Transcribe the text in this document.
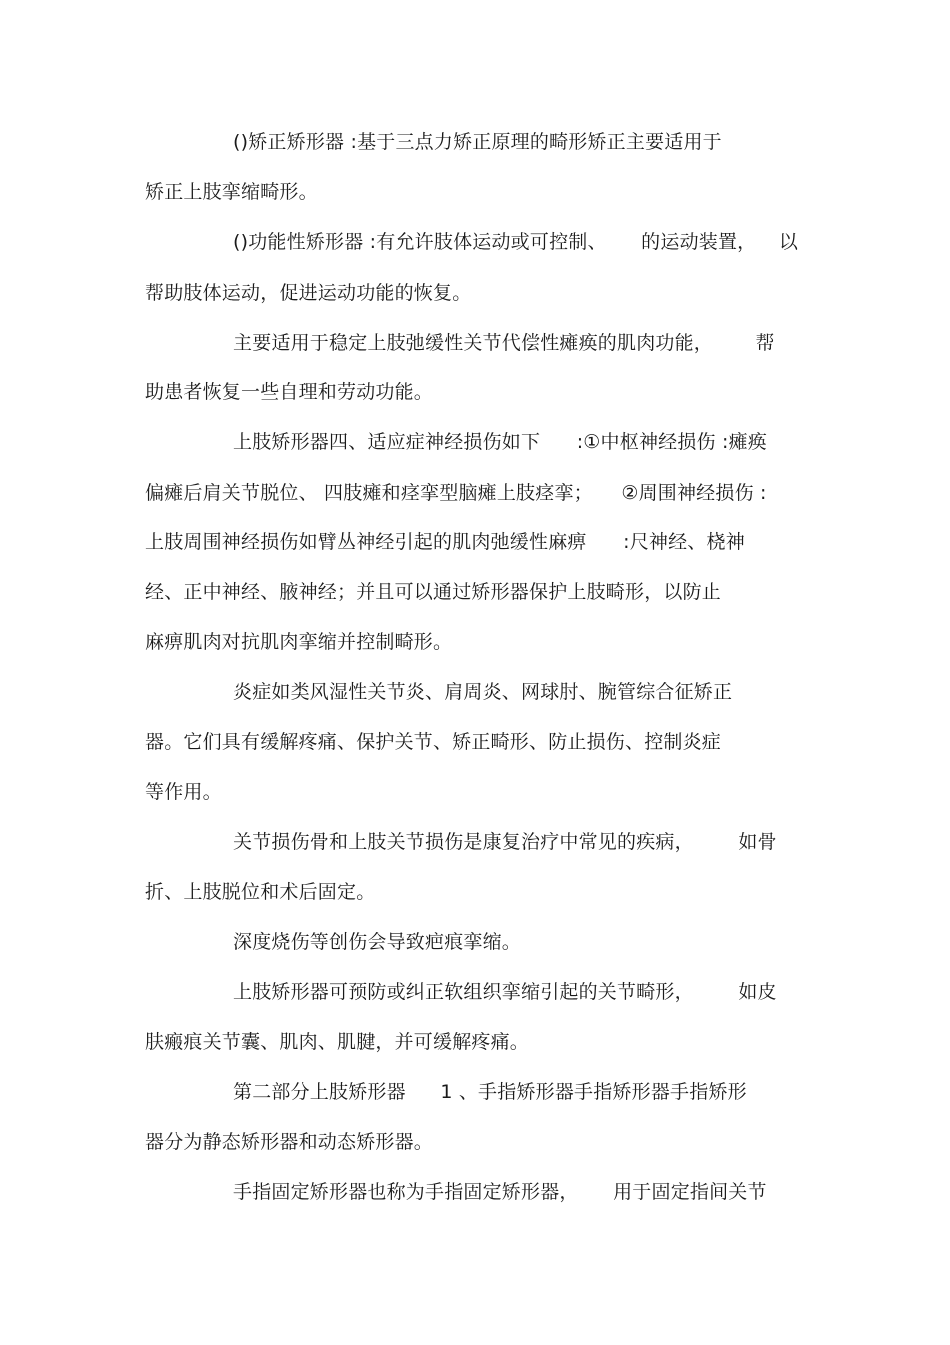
()矫正矫形器 :基于三点力矫正原理的畸形矫正主要适用于
矫正上肢挛缩畸形。
()功能性矫形器 :有允许肢体运动或可控制、 的运动装置， 以
帮助肢体运动，促进运动功能的恢复。
主要适用于稳定上肢弛缓性关节代偿性瘫痪的肌肉功能， 帮
助患者恢复一些自理和劳动功能。
上肢矫形器四、适应症神经损伤如下 :①中枢神经损伤 :瘫痪
偏瘫后肩关节脱位、 四肢瘫和痉挛型脑瘫上肢痉挛； ②周围神经损伤 :
上肢周围神经损伤如臂丛神经引起的肌肉弛缓性麻痹 :尺神经、桡神
经、正中神经、腋神经；并且可以通过矫形器保护上肢畸形，以防止
麻痹肌肉对抗肌肉挛缩并控制畸形。
炎症如类风湿性关节炎、肩周炎、网球肘、腕管综合征矫正
器。它们具有缓解疼痛、保护关节、矫正畸形、防止损伤、控制炎症
等作用。
关节损伤骨和上肢关节损伤是康复治疗中常见的疾病， 如骨
折、上肢脱位和术后固定。
深度烧伤等创伤会导致疤痕挛缩。
上肢矫形器可预防或纠正软组织挛缩引起的关节畸形， 如皮
肤瘢痕关节囊、肌肉、肌腱，并可缓解疼痛。
第二部分上肢矫形器 1 、手指矫形器手指矫形器手指矫形
器分为静态矫形器和动态矫形器。
手指固定矫形器也称为手指固定矫形器， 用于固定指间关节
